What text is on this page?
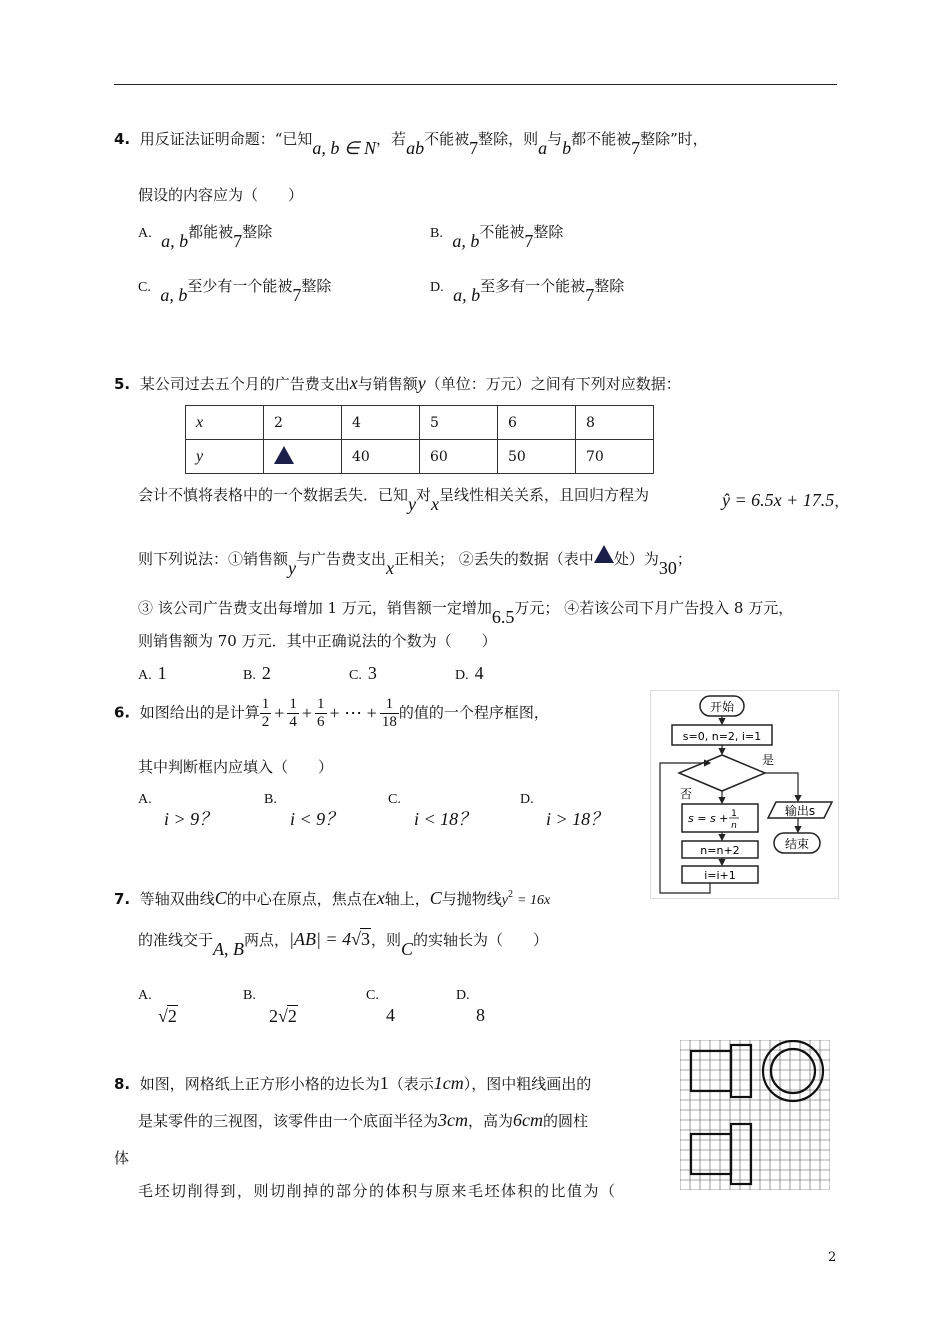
4. 用反证法证明命题：“已知a, b ∈ N，若ab不能被7整除，则a与b都不能被7整除”时，
假设的内容应为（　　）
A. a, b都能被7整除	B. a, b不能被7整除
C. a, b至少有一个能被7整除	D. a, b至多有一个能被7整除
5. 某公司过去五个月的广告费支出x与销售额y（单位：万元）之间有下列对应数据：
x	2	4	5	6	8
y		40	60	50	70
会计不慎将表格中的一个数据丢失．已知y对x呈线性相关关系，且回归方程为	ŷ = 6.5x + 17.5，
则下列说法：①销售额y与广告费支出x正相关； ②丢失的数据（表中 处）为30；
③ 该公司广告费支出每增加 1 万元，销售额一定增加6.5万元； ④若该公司下月广告投入 8 万元，
则销售额为 70 万元．其中正确说法的个数为（　　）
A. 1	B. 2	C. 3	D. 4
6. 如图给出的是计算 $\frac{1}{2} + \frac{1}{4} + \frac{1}{6}$ + ⋯ + $\frac{1}{18}$ 的值的一个程序框图，
其中判断框内应填入（　　）
A.
i > 9？
B.
i < 9？
C.
i < 18？
D.
i > 18？
开始
s=0, n=2, i=1
是
否
s = s + 1
n
n=n+2
i=i+1
输出s
结束
7. 等轴双曲线C的中心在原点，焦点在x轴上，C与抛物线$y^2 = 16x$
的准线交于A, B两点，|AB| = 4√3，则C的实轴长为（　　）
A.
√2
B.
2√2
C.
4
D.
8
8. 如图，网格纸上正方形小格的边长为1（表示1cm），图中粗线画出的
是某零件的三视图，该零件由一个底面半径为3cm，高为6cm的圆柱
体
毛坯切削得到，则切削掉的部分的体积与原来毛坯体积的比值为（
2
